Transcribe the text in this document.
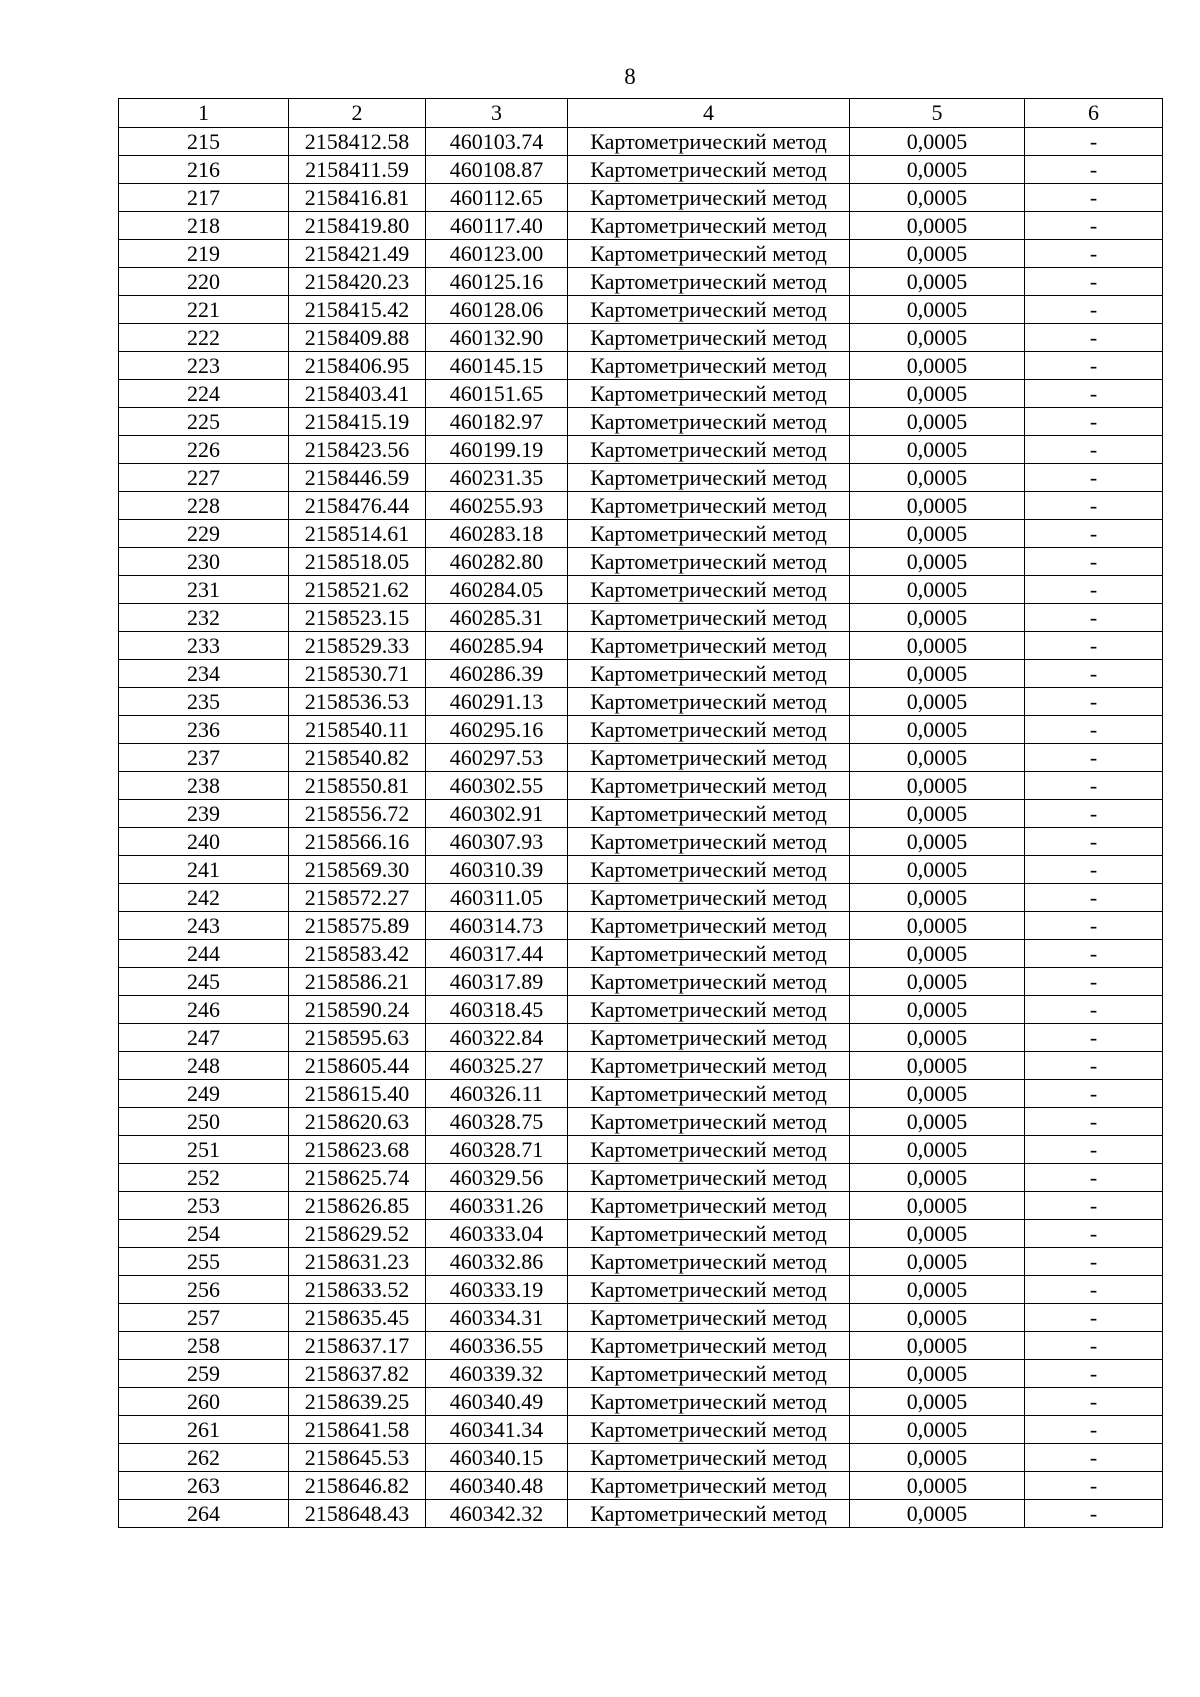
8
1	2	3	4	5	6
215	2158412.58	460103.74	Картометрический метод	0,0005	-
216	2158411.59	460108.87	Картометрический метод	0,0005	-
217	2158416.81	460112.65	Картометрический метод	0,0005	-
218	2158419.80	460117.40	Картометрический метод	0,0005	-
219	2158421.49	460123.00	Картометрический метод	0,0005	-
220	2158420.23	460125.16	Картометрический метод	0,0005	-
221	2158415.42	460128.06	Картометрический метод	0,0005	-
222	2158409.88	460132.90	Картометрический метод	0,0005	-
223	2158406.95	460145.15	Картометрический метод	0,0005	-
224	2158403.41	460151.65	Картометрический метод	0,0005	-
225	2158415.19	460182.97	Картометрический метод	0,0005	-
226	2158423.56	460199.19	Картометрический метод	0,0005	-
227	2158446.59	460231.35	Картометрический метод	0,0005	-
228	2158476.44	460255.93	Картометрический метод	0,0005	-
229	2158514.61	460283.18	Картометрический метод	0,0005	-
230	2158518.05	460282.80	Картометрический метод	0,0005	-
231	2158521.62	460284.05	Картометрический метод	0,0005	-
232	2158523.15	460285.31	Картометрический метод	0,0005	-
233	2158529.33	460285.94	Картометрический метод	0,0005	-
234	2158530.71	460286.39	Картометрический метод	0,0005	-
235	2158536.53	460291.13	Картометрический метод	0,0005	-
236	2158540.11	460295.16	Картометрический метод	0,0005	-
237	2158540.82	460297.53	Картометрический метод	0,0005	-
238	2158550.81	460302.55	Картометрический метод	0,0005	-
239	2158556.72	460302.91	Картометрический метод	0,0005	-
240	2158566.16	460307.93	Картометрический метод	0,0005	-
241	2158569.30	460310.39	Картометрический метод	0,0005	-
242	2158572.27	460311.05	Картометрический метод	0,0005	-
243	2158575.89	460314.73	Картометрический метод	0,0005	-
244	2158583.42	460317.44	Картометрический метод	0,0005	-
245	2158586.21	460317.89	Картометрический метод	0,0005	-
246	2158590.24	460318.45	Картометрический метод	0,0005	-
247	2158595.63	460322.84	Картометрический метод	0,0005	-
248	2158605.44	460325.27	Картометрический метод	0,0005	-
249	2158615.40	460326.11	Картометрический метод	0,0005	-
250	2158620.63	460328.75	Картометрический метод	0,0005	-
251	2158623.68	460328.71	Картометрический метод	0,0005	-
252	2158625.74	460329.56	Картометрический метод	0,0005	-
253	2158626.85	460331.26	Картометрический метод	0,0005	-
254	2158629.52	460333.04	Картометрический метод	0,0005	-
255	2158631.23	460332.86	Картометрический метод	0,0005	-
256	2158633.52	460333.19	Картометрический метод	0,0005	-
257	2158635.45	460334.31	Картометрический метод	0,0005	-
258	2158637.17	460336.55	Картометрический метод	0,0005	-
259	2158637.82	460339.32	Картометрический метод	0,0005	-
260	2158639.25	460340.49	Картометрический метод	0,0005	-
261	2158641.58	460341.34	Картометрический метод	0,0005	-
262	2158645.53	460340.15	Картометрический метод	0,0005	-
263	2158646.82	460340.48	Картометрический метод	0,0005	-
264	2158648.43	460342.32	Картометрический метод	0,0005	-
